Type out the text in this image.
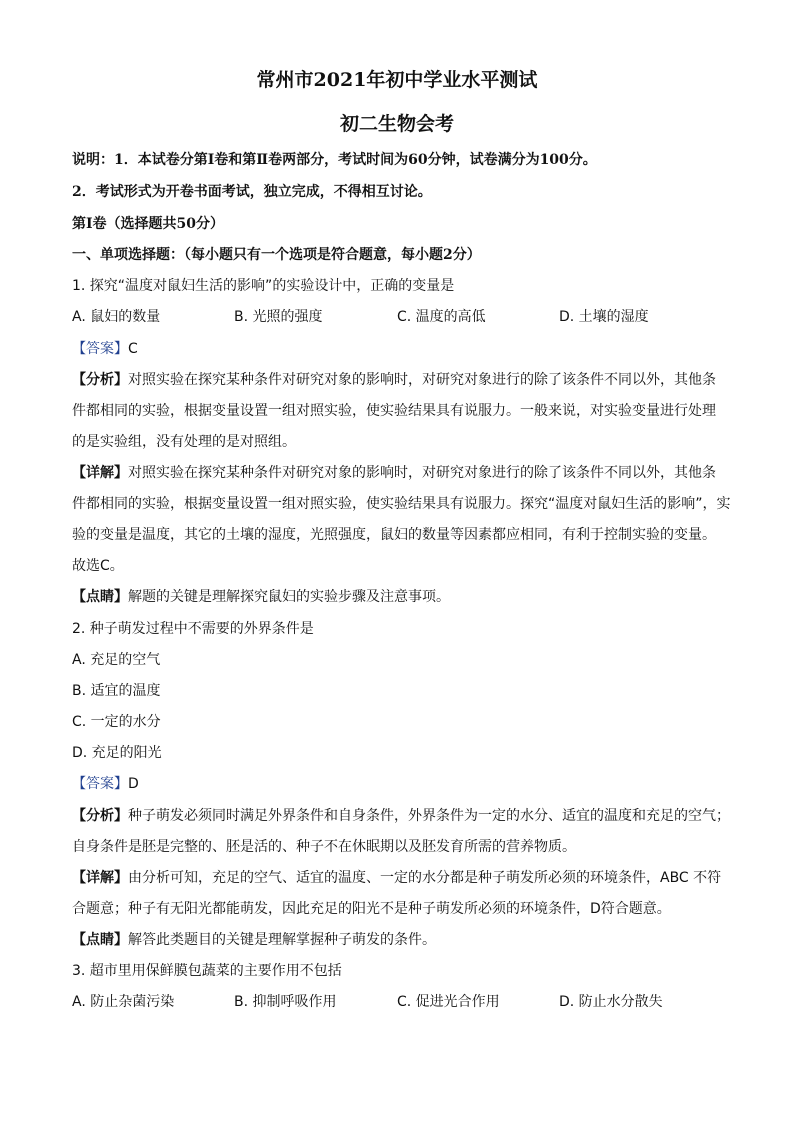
常州市2021年初中学业水平测试
初二生物会考
说明：1．本试卷分第Ⅰ卷和第Ⅱ卷两部分，考试时间为60分钟，试卷满分为100分。
2．考试形式为开卷书面考试，独立完成，不得相互讨论。
第Ⅰ卷（选择题共50分）
一、单项选择题：（每小题只有一个选项是符合题意，每小题2分）
1. 探究“温度对鼠妇生活的影响”的实验设计中，正确的变量是
A. 鼠妇的数量	B. 光照的强度	C. 温度的高低	D. 土壤的湿度
【答案】C
【分析】对照实验在探究某种条件对研究对象的影响时，对研究对象进行的除了该条件不同以外，其他条
件都相同的实验，根据变量设置一组对照实验，使实验结果具有说服力。一般来说，对实验变量进行处理
的是实验组，没有处理的是对照组。
【详解】对照实验在探究某种条件对研究对象的影响时，对研究对象进行的除了该条件不同以外，其他条
件都相同的实验，根据变量设置一组对照实验，使实验结果具有说服力。探究“温度对鼠妇生活的影响”，实
验的变量是温度，其它的土壤的湿度，光照强度，鼠妇的数量等因素都应相同，有利于控制实验的变量。
故选C。
【点睛】解题的关键是理解探究鼠妇的实验步骤及注意事项。
2. 种子萌发过程中不需要的外界条件是
A. 充足的空气
B. 适宜的温度
C. 一定的水分
D. 充足的阳光
【答案】D
【分析】种子萌发必须同时满足外界条件和自身条件，外界条件为一定的水分、适宜的温度和充足的空气；
自身条件是胚是完整的、胚是活的、种子不在休眠期以及胚发育所需的营养物质。
【详解】由分析可知，充足的空气、适宜的温度、一定的水分都是种子萌发所必须的环境条件，ABC 不符
合题意；种子有无阳光都能萌发，因此充足的阳光不是种子萌发所必须的环境条件，D符合题意。
【点睛】解答此类题目的关键是理解掌握种子萌发的条件。
3. 超市里用保鲜膜包蔬菜的主要作用不包括
A. 防止杂菌污染	B. 抑制呼吸作用	C. 促进光合作用	D. 防止水分散失
